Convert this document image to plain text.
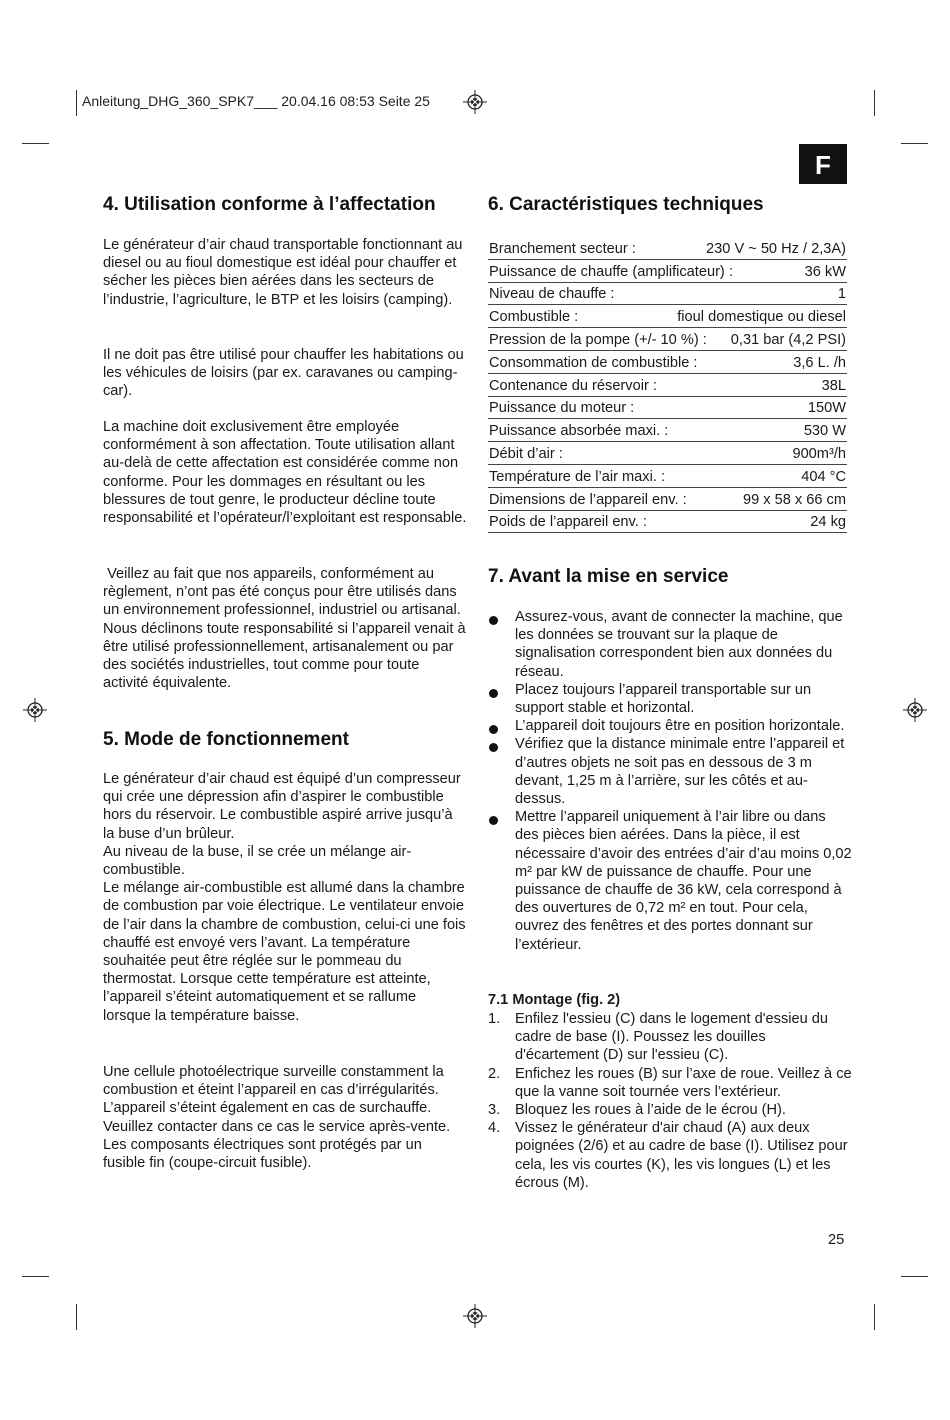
Anleitung_DHG_360_SPK7___ 20.04.16 08:53 Seite 25
F
4. Utilisation conforme à l’affectation

Le générateur d’air chaud transportable fonctionnant au diesel ou au fioul domestique est idéal pour chauffer et sécher les pièces bien aérées dans les secteurs de l’industrie, l’agriculture, le BTP et les loisirs (camping).

Il ne doit pas être utilisé pour chauffer les habitations ou les véhicules de loisirs (par ex. caravanes ou camping-car).

La machine doit exclusivement être employée conformément à son affectation. Toute utilisation allant au-delà de cette affectation est considérée comme non conforme. Pour les dommages en résultant ou les blessures de tout genre, le producteur décline toute responsabilité et l’opérateur/l’exploitant est responsable.

Veillez au fait que nos appareils, conformément au règlement, n’ont pas été conçus pour être utilisés dans un environnement professionnel, industriel ou artisanal. Nous déclinons toute responsabilité si l’appareil venait à être utilisé professionnellement, artisanalement ou par des sociétés industrielles, tout comme pour toute activité équivalente.

5. Mode de fonctionnement
Le générateur d’air chaud est équipé d’un compresseur qui crée une dépression afin d’aspirer le combustible hors du réservoir. Le combustible aspiré arrive jusqu’à la buse d’un brûleur.
Au niveau de la buse, il se crée un mélange air-combustible.
Le mélange air-combustible est allumé dans la chambre de combustion par voie électrique. Le ventilateur envoie de l’air dans la chambre de combustion, celui-ci une fois chauffé est envoyé vers l’avant. La température souhaitée peut être réglée sur le pommeau du thermostat. Lorsque cette température est atteinte, l’appareil s’éteint automatiquement et se rallume lorsque la température baisse.

Une cellule photoélectrique surveille constamment la combustion et éteint l’appareil en cas d’irrégularités. L’appareil s’éteint également en cas de surchauffe. Veuillez contacter dans ce cas le service après-vente. Les composants électriques sont protégés par un fusible fin (coupe-circuit fusible).

6. Caractéristiques techniques
Branchement secteur :	230 V ~ 50 Hz / 2,3A)
Puissance de chauffe (amplificateur) :	36 kW
Niveau de chauffe :	1
Combustible :	fioul domestique ou diesel
Pression de la pompe (+/- 10 %) : 0,31 bar (4,2 PSI)
Consommation de combustible :	3,6 L. /h
Contenance du réservoir :	38L
Puissance du moteur :	150W
Puissance absorbée maxi. :	530 W
Débit d’air :	900m³/h
Température de l’air maxi. :	404 °C
Dimensions de l’appareil env. :	99 x 58 x 66 cm
Poids de l’appareil env. :	24 kg
7. Avant la mise en service
Assurez-vous, avant de connecter la machine, que les données se trouvant sur la plaque de signalisation correspondent bien aux données du réseau.
Placez toujours l’appareil transportable sur un support stable et horizontal.
L’appareil doit toujours être en position horizontale.
Vérifiez que la distance minimale entre l’appareil et d’autres objets ne soit pas en dessous de 3 m devant, 1,25 m à l’arrière, sur les côtés et au-dessus.
Mettre l’appareil uniquement à l’air libre ou dans des pièces bien aérées. Dans la pièce, il est nécessaire d’avoir des entrées d’air d’au moins 0,02 m² par kW de puissance de chauffe. Pour une puissance de chauffe de 36 kW, cela correspond à des ouvertures de 0,72 m² en tout. Pour cela, ouvrez des fenêtres et des portes donnant sur l’extérieur.
7.1 Montage (fig. 2)
1. Enfilez l'essieu (C) dans le logement d'essieu du cadre de base (I). Poussez les douilles d'écartement (D) sur l'essieu (C).
2. Enfichez les roues (B) sur l’axe de roue. Veillez à ce que la vanne soit tournée vers l’extérieur.
3. Bloquez les roues à l’aide de le écrou (H).
4. Vissez le générateur d'air chaud (A) aux deux poignées (2/6) et au cadre de base (I). Utilisez pour cela, les vis courtes (K), les vis longues (L) et les écrous (M).
25
